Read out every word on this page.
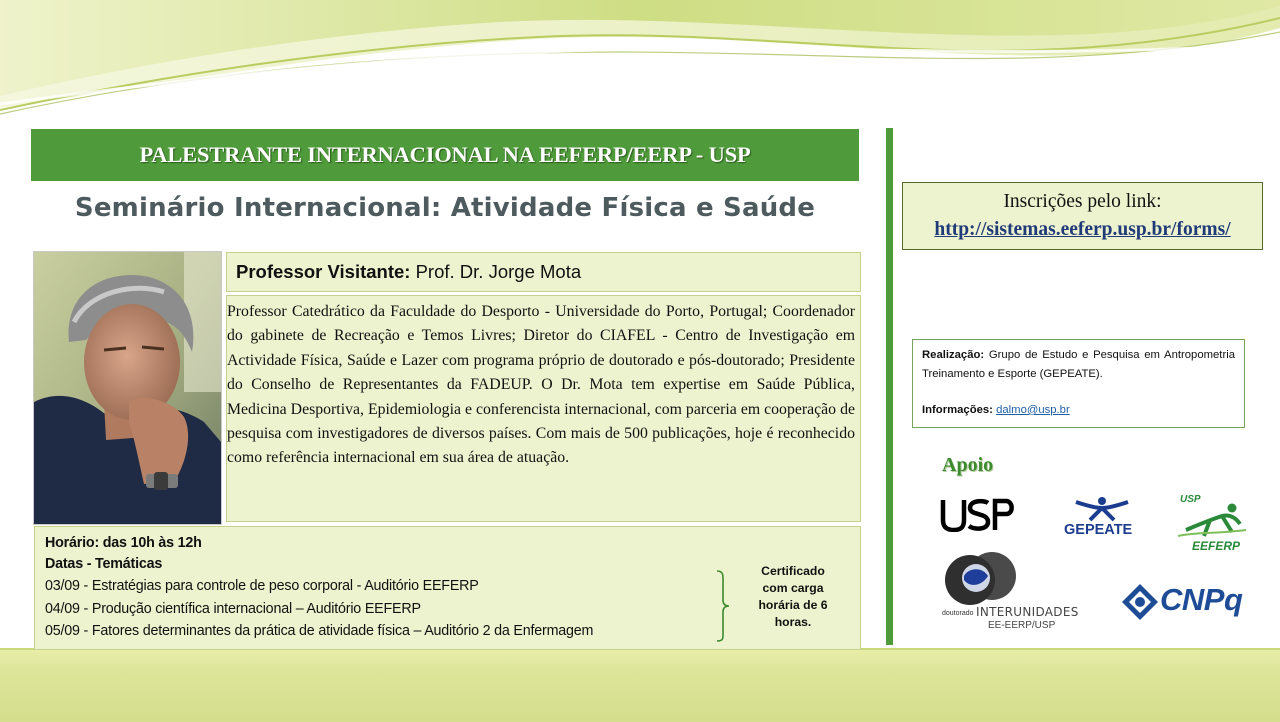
PALESTRANTE INTERNACIONAL NA EEFERP/EERP - USP
Seminário Internacional: Atividade Física e Saúde
Professor Visitante: Prof. Dr. Jorge Mota
Professor Catedrático da Faculdade do Desporto - Universidade do Porto, Portugal; Coordenador do gabinete de Recreação e Temos Livres; Diretor do CIAFEL - Centro de Investigação em Actividade Física, Saúde e Lazer com programa próprio de doutorado e pós-doutorado; Presidente do Conselho de Representantes da FADEUP. O Dr. Mota tem expertise em Saúde Pública, Medicina Desportiva, Epidemiologia e conferencista internacional, com parceria em cooperação de pesquisa com investigadores de diversos países. Com mais de 500 publicações, hoje é reconhecido como referência internacional em sua área de atuação.
Horário: das 10h às 12h
Datas - Temáticas
03/09 - Estratégias para controle de peso corporal - Auditório EEFERP
04/09 - Produção científica internacional – Auditório EEFERP
05/09 - Fatores determinantes da prática de atividade física – Auditório 2 da Enfermagem
Certificado
com carga
horária de 6
horas.
Inscrições pelo link:
http://sistemas.eeferp.usp.br/forms/
Realização: Grupo de Estudo e Pesquisa em Antropometria Treinamento e Esporte (GEPEATE).
Informações: dalmo@usp.br
Apoio
GEPEATE
USP
EEFERP
doutorado INTERUNIDADES
EE-EERP/USP
CNPq
